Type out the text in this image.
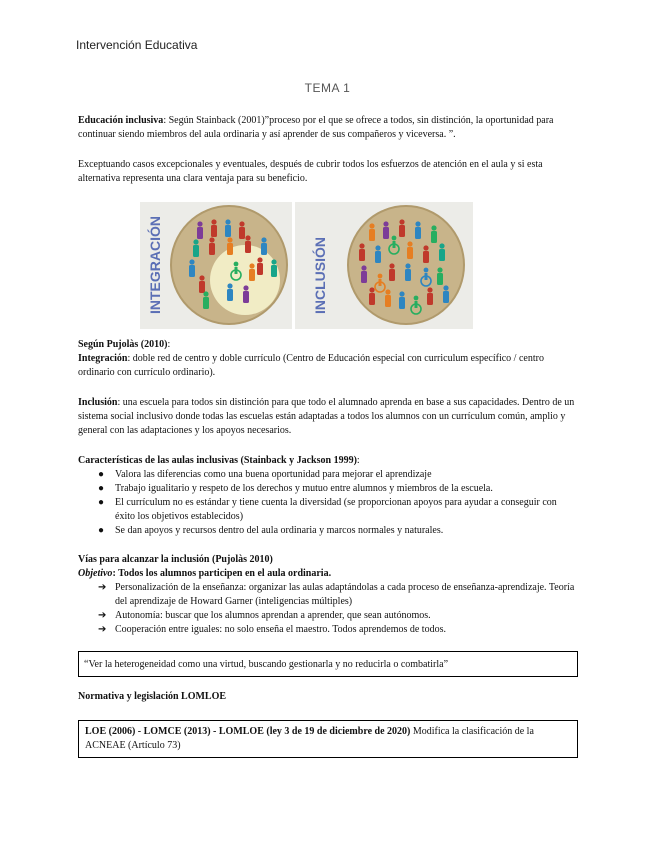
Intervención Educativa
TEMA 1
Educación inclusiva: Según Stainback (2001)”proceso por el que se ofrece a todos, sin distinción, la oportunidad para continuar siendo miembros del aula ordinaria y así aprender de sus compañeros y viceversa. ”.
Exceptuando casos excepcionales y eventuales, después de cubrir todos los esfuerzos de atención en el aula y si esta alternativa representa una clara ventaja para su beneficio.
INTEGRACIÓN	INCLUSIÓN
Según Pujolàs (2010):
Integración: doble red de centro y doble currículo (Centro de Educación especial con curriculum específico / centro ordinario con currículo ordinario).
Inclusión: una escuela para todos sin distinción para que todo el alumnado aprenda en base a sus capacidades. Dentro de un sistema social inclusivo donde todas las escuelas están adaptadas a todos los alumnos con un currículum común, amplio y general con las adaptaciones y los apoyos necesarios.
Características de las aulas inclusivas (Stainback y Jackson 1999):
● Valora las diferencias como una buena oportunidad para mejorar el aprendizaje
● Trabajo igualitario y respeto de los derechos y mutuo entre alumnos y miembros de la escuela.
● El currículum no es estándar y tiene cuenta la diversidad (se proporcionan apoyos para ayudar a conseguir con éxito los objetivos establecidos)
● Se dan apoyos y recursos dentro del aula ordinaria y marcos normales y naturales.
Vías para alcanzar la inclusión (Pujolàs 2010)
Objetivo: Todos los alumnos participen en el aula ordinaria.
➔ Personalización de la enseñanza: organizar las aulas adaptándolas a cada proceso de enseñanza-aprendizaje. Teoría del aprendizaje de Howard Garner (inteligencias múltiples)
➔ Autonomía: buscar que los alumnos aprendan a aprender, que sean autónomos.
➔ Cooperación entre iguales: no solo enseña el maestro. Todos aprendemos de todos.
“Ver la heterogeneidad como una virtud, buscando gestionarla y no reducirla o combatirla”
Normativa y legislación LOMLOE
LOE (2006) - LOMCE (2013) - LOMLOE (ley 3 de 19 de diciembre de 2020) Modifica la clasificación de la ACNEAE (Artículo 73)
